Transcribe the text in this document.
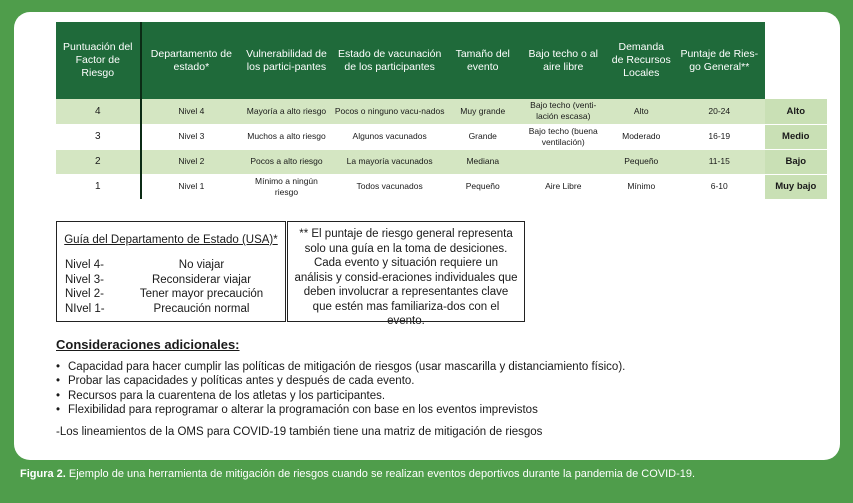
Puntuación del Factor de Riesgo	Departamento de estado*	Vulnerabilidad de los partici-pantes	Estado de vacunación de los participantes	Tamaño del evento	Bajo techo o al aire libre	Demanda de Recursos Locales	Puntaje de Ries-go General**	
4	Nivel 4	Mayoría a alto riesgo	Pocos o ninguno vacu-nados	Muy grande	Bajo techo (venti-lación escasa)	Alto	20-24	Alto
3	Nivel 3	Muchos a alto riesgo	Algunos vacunados	Grande	Bajo techo (buena ventilación)	Moderado	16-19	Medio
2	Nivel 2	Pocos a alto riesgo	La mayoría vacunados	Mediana		Pequeño	11-15	Bajo
1	Nivel 1	Mínimo a ningún riesgo	Todos vacunados	Pequeño	Aire Libre	Mínimo	6-10	Muy bajo
Guía del Departamento de Estado (USA)*
Nivel 4-	No viajar
Nivel 3-	Reconsiderar viajar
Nivel 2-	Tener mayor precaución
NIvel 1-	Precaución normal
** El puntaje de riesgo general representa solo una guía en la toma de desiciones. Cada evento y situación requiere un análisis y consid-eraciones individuales que deben involucrar a representantes clave que estén mas familiariza-dos con el evento.
Consideraciones adicionales:
• Capacidad para hacer cumplir las políticas de mitigación de riesgos (usar mascarilla y distanciamiento físico).
• Probar las capacidades y políticas antes y después de cada evento.
• Recursos para la cuarentena de los atletas y los participantes.
• Flexibilidad para reprogramar o alterar la programación con base en los eventos imprevistos
-Los lineamientos de la OMS para COVID-19 también tiene una matriz de mitigación de riesgos
Figura 2. Ejemplo de una herramienta de mitigación de riesgos cuando se realizan eventos deportivos durante la pandemia de COVID-19.
